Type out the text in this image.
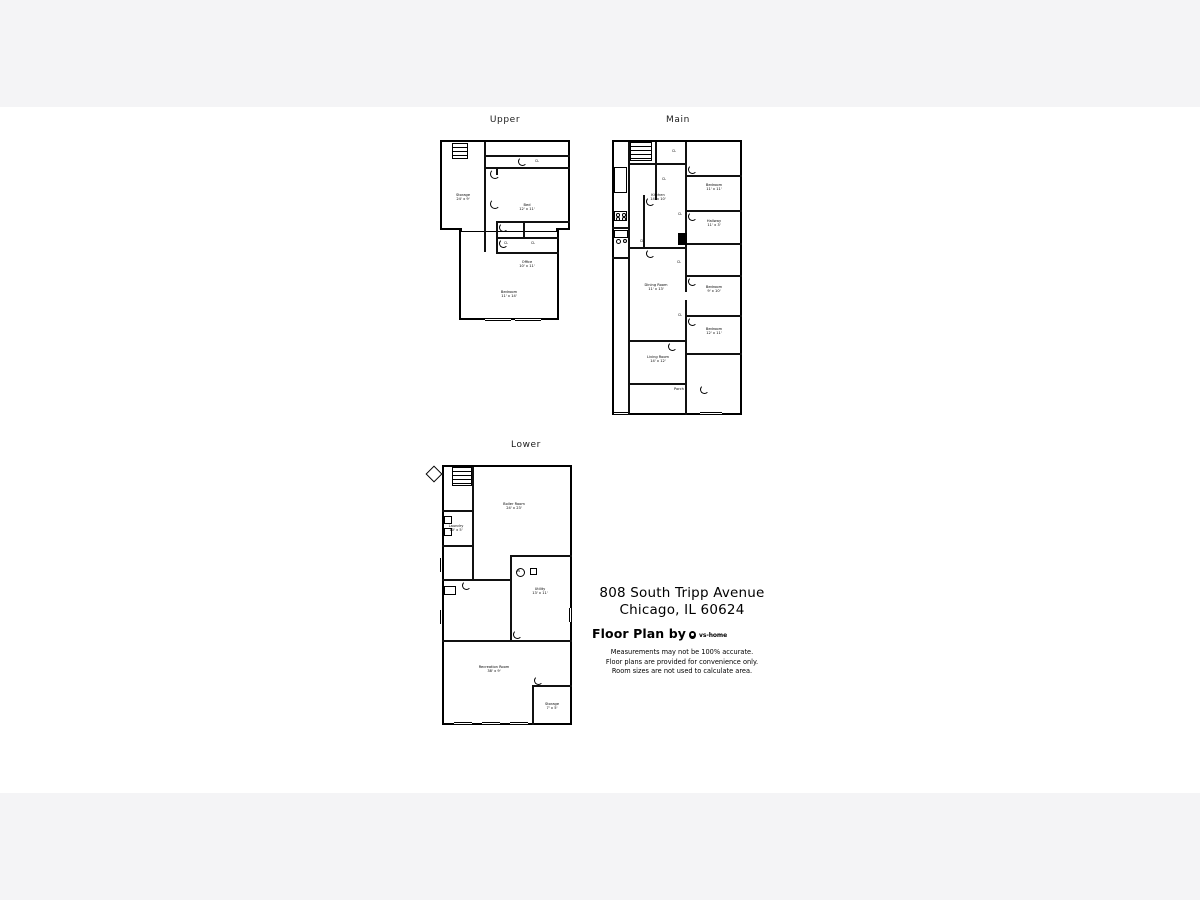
Upper
Storage
24' x 9'
Bed
12' x 11'
Office
10' x 11'
Bedroom
11' x 14'
CL	CL
CL
Main
Bedroom
11' x 11'
Kitchen
14' x 10'
Hallway
11' x 3'
Dining Room
11' x 13'
Bedroom
9' x 10'
Bedroom
12' x 11'
Living Room
14' x 12'
Porch
CL
CL
CL
CL
CL
CL
Lower
Boiler Room
24' x 23'
Laundry
10' x 5'
Utility
13' x 11'
Recreation Room
38' x 9'
Storage
7' x 5'
W
808 South Tripp Avenue
Chicago, IL 60624
Floor Plan by vs-home
Measurements may not be 100% accurate.
Floor plans are provided for convenience only.
Room sizes are not used to calculate area.
